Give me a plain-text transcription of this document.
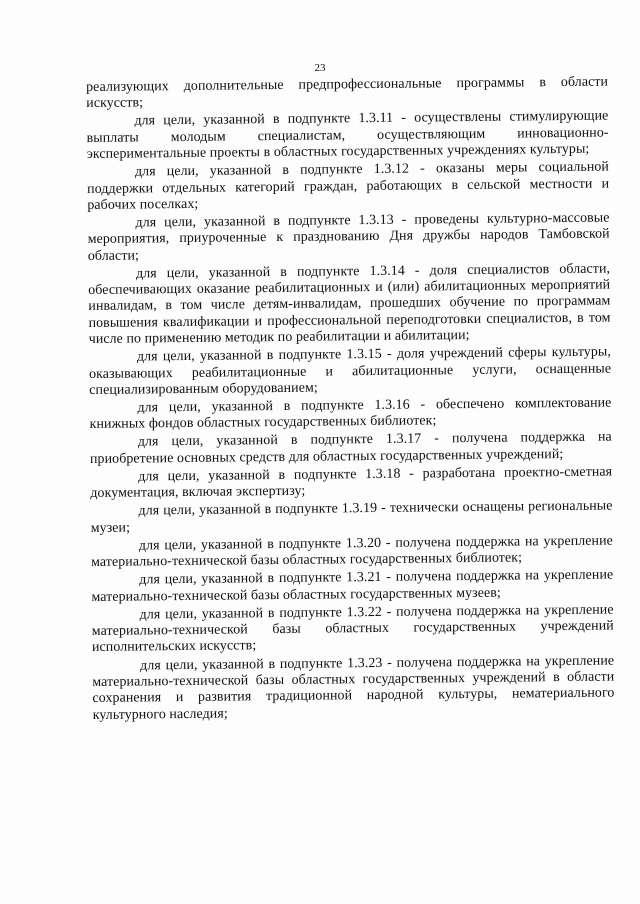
23

реализующих дополнительные предпрофессиональные программы в области искусств;

для цели, указанной в подпункте 1.3.11 - осуществлены стимулирующие выплаты молодым специалистам, осуществляющим инновационно-экспериментальные проекты в областных государственных учреждениях культуры;

для цели, указанной в подпункте 1.3.12 - оказаны меры социальной поддержки отдельных категорий граждан, работающих в сельской местности и рабочих поселках;

для цели, указанной в подпункте 1.3.13 - проведены культурно-массовые мероприятия, приуроченные к празднованию Дня дружбы народов Тамбовской области;

для цели, указанной в подпункте 1.3.14 - доля специалистов области, обеспечивающих оказание реабилитационных и (или) абилитационных мероприятий инвалидам, в том числе детям-инвалидам, прошедших обучение по программам повышения квалификации и профессиональной переподготовки специалистов, в том числе по применению методик по реабилитации и абилитации;

для цели, указанной в подпункте 1.3.15 - доля учреждений сферы культуры, оказывающих реабилитационные и абилитационные услуги, оснащенные специализированным оборудованием;

для цели, указанной в подпункте 1.3.16 - обеспечено комплектование книжных фондов областных государственных библиотек;

для цели, указанной в подпункте 1.3.17 - получена поддержка на приобретение основных средств для областных государственных учреждений;

для цели, указанной в подпункте 1.3.18 - разработана проектно-сметная документация, включая экспертизу;

для цели, указанной в подпункте 1.3.19 - технически оснащены региональные музеи;

для цели, указанной в подпункте 1.3.20 - получена поддержка на укрепление материально-технической базы областных государственных библиотек;

для цели, указанной в подпункте 1.3.21 - получена поддержка на укрепление материально-технической базы областных государственных музеев;

для цели, указанной в подпункте 1.3.22 - получена поддержка на укрепление материально-технической базы областных государственных учреждений исполнительских искусств;

для цели, указанной в подпункте 1.3.23 - получена поддержка на укрепление материально-технической базы областных государственных учреждений в области сохранения и развития традиционной народной культуры, нематериального культурного наследия;
